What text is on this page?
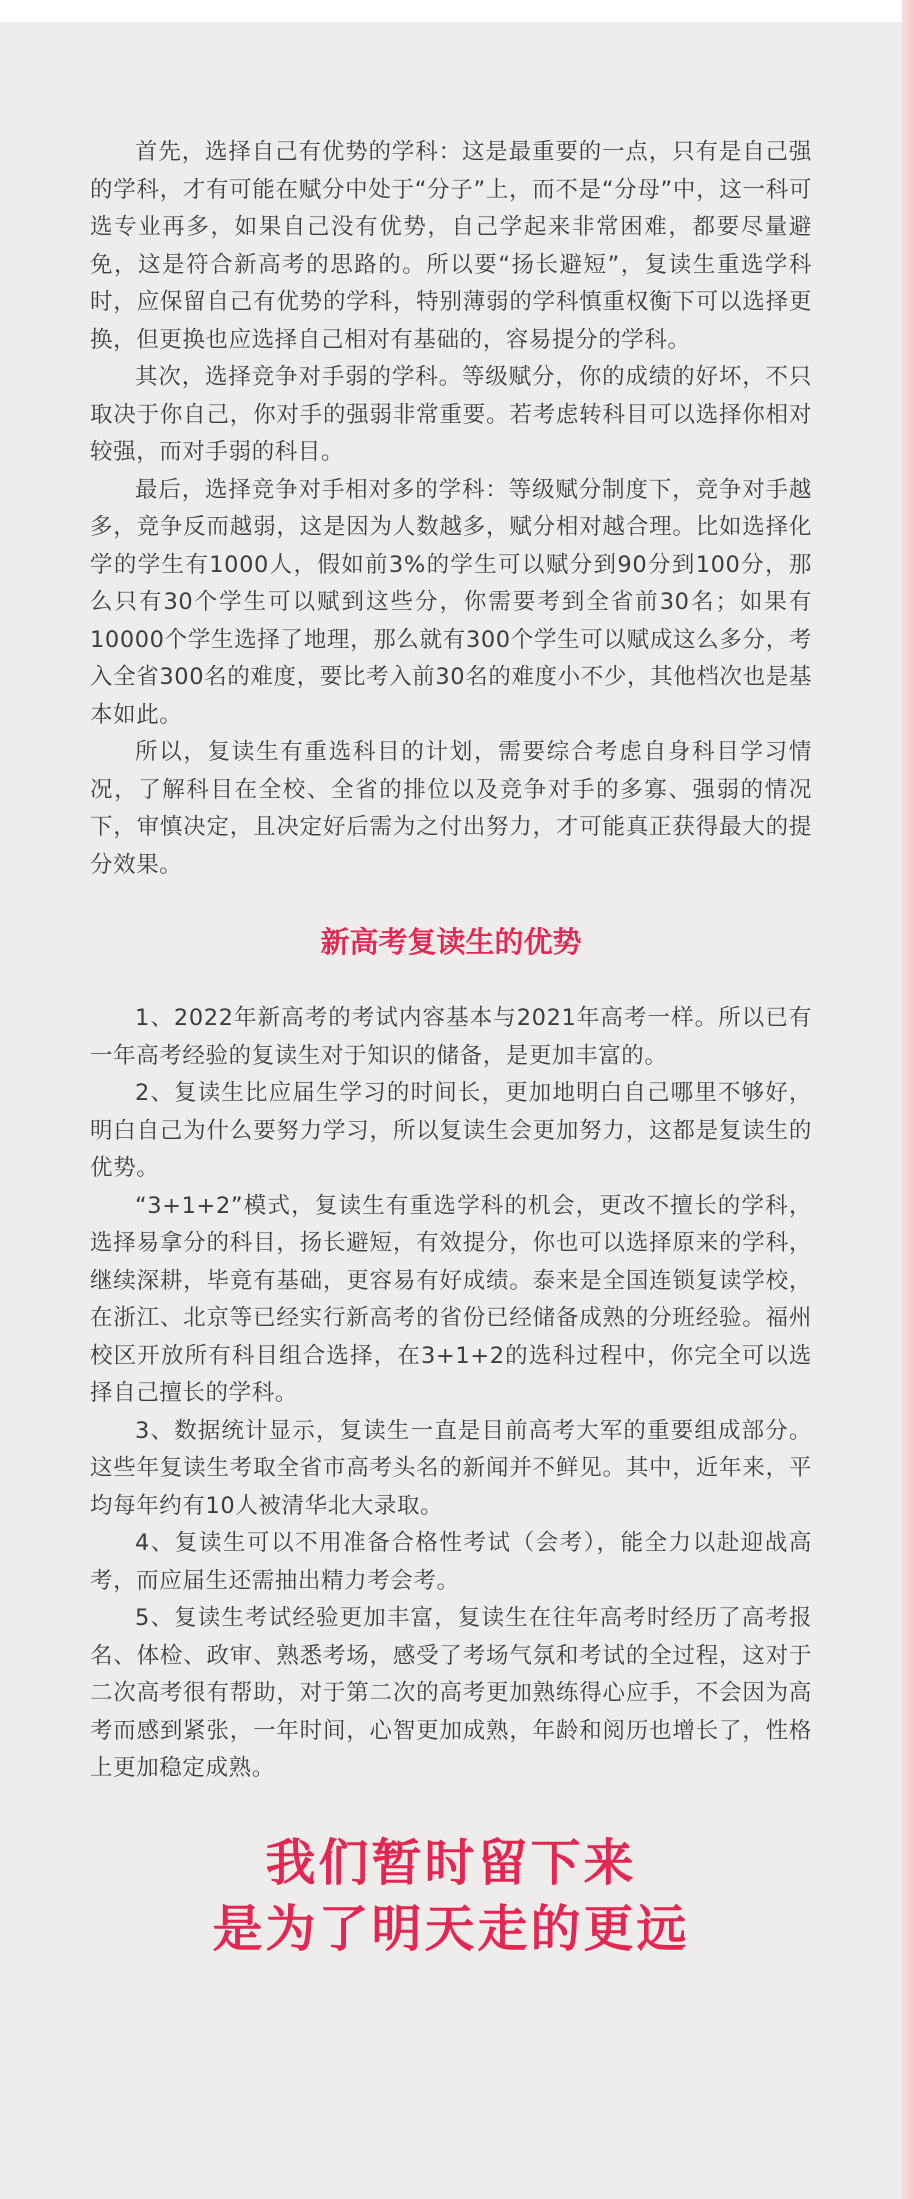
首先，选择自己有优势的学科：这是最重要的一点，只有是自己强的学科，才有可能在赋分中处于“分子”上，而不是“分母”中，这一科可选专业再多，如果自己没有优势，自己学起来非常困难，都要尽量避免，这是符合新高考的思路的。所以要“扬长避短”，复读生重选学科时，应保留自己有优势的学科，特别薄弱的学科慎重权衡下可以选择更换，但更换也应选择自己相对有基础的，容易提分的学科。

其次，选择竞争对手弱的学科。等级赋分，你的成绩的好坏，不只取决于你自己，你对手的强弱非常重要。若考虑转科目可以选择你相对较强，而对手弱的科目。

最后，选择竞争对手相对多的学科：等级赋分制度下，竞争对手越多，竞争反而越弱，这是因为人数越多，赋分相对越合理。比如选择化学的学生有1000人，假如前3%的学生可以赋分到90分到100分，那么只有30个学生可以赋到这些分，你需要考到全省前30名；如果有10000个学生选择了地理，那么就有300个学生可以赋成这么多分，考入全省300名的难度，要比考入前30名的难度小不少，其他档次也是基本如此。

所以，复读生有重选科目的计划，需要综合考虑自身科目学习情况，了解科目在全校、全省的排位以及竞争对手的多寡、强弱的情况下，审慎决定，且决定好后需为之付出努力，才可能真正获得最大的提分效果。

新高考复读生的优势

1、2022年新高考的考试内容基本与2021年高考一样。所以已有一年高考经验的复读生对于知识的储备，是更加丰富的。

2、复读生比应届生学习的时间长，更加地明白自己哪里不够好，明白自己为什么要努力学习，所以复读生会更加努力，这都是复读生的优势。

“3+1+2”模式，复读生有重选学科的机会，更改不擅长的学科，选择易拿分的科目，扬长避短，有效提分，你也可以选择原来的学科，继续深耕，毕竟有基础，更容易有好成绩。泰来是全国连锁复读学校，在浙江、北京等已经实行新高考的省份已经储备成熟的分班经验。福州校区开放所有科目组合选择，在3+1+2的选科过程中，你完全可以选择自己擅长的学科。

3、数据统计显示，复读生一直是目前高考大军的重要组成部分。这些年复读生考取全省市高考头名的新闻并不鲜见。其中，近年来，平均每年约有10人被清华北大录取。

4、复读生可以不用准备合格性考试（会考），能全力以赴迎战高考，而应届生还需抽出精力考会考。

5、复读生考试经验更加丰富，复读生在往年高考时经历了高考报名、体检、政审、熟悉考场，感受了考场气氛和考试的全过程，这对于二次高考很有帮助，对于第二次的高考更加熟练得心应手，不会因为高考而感到紧张，一年时间，心智更加成熟，年龄和阅历也增长了，性格上更加稳定成熟。

我们暂时留下来
是为了明天走的更远
